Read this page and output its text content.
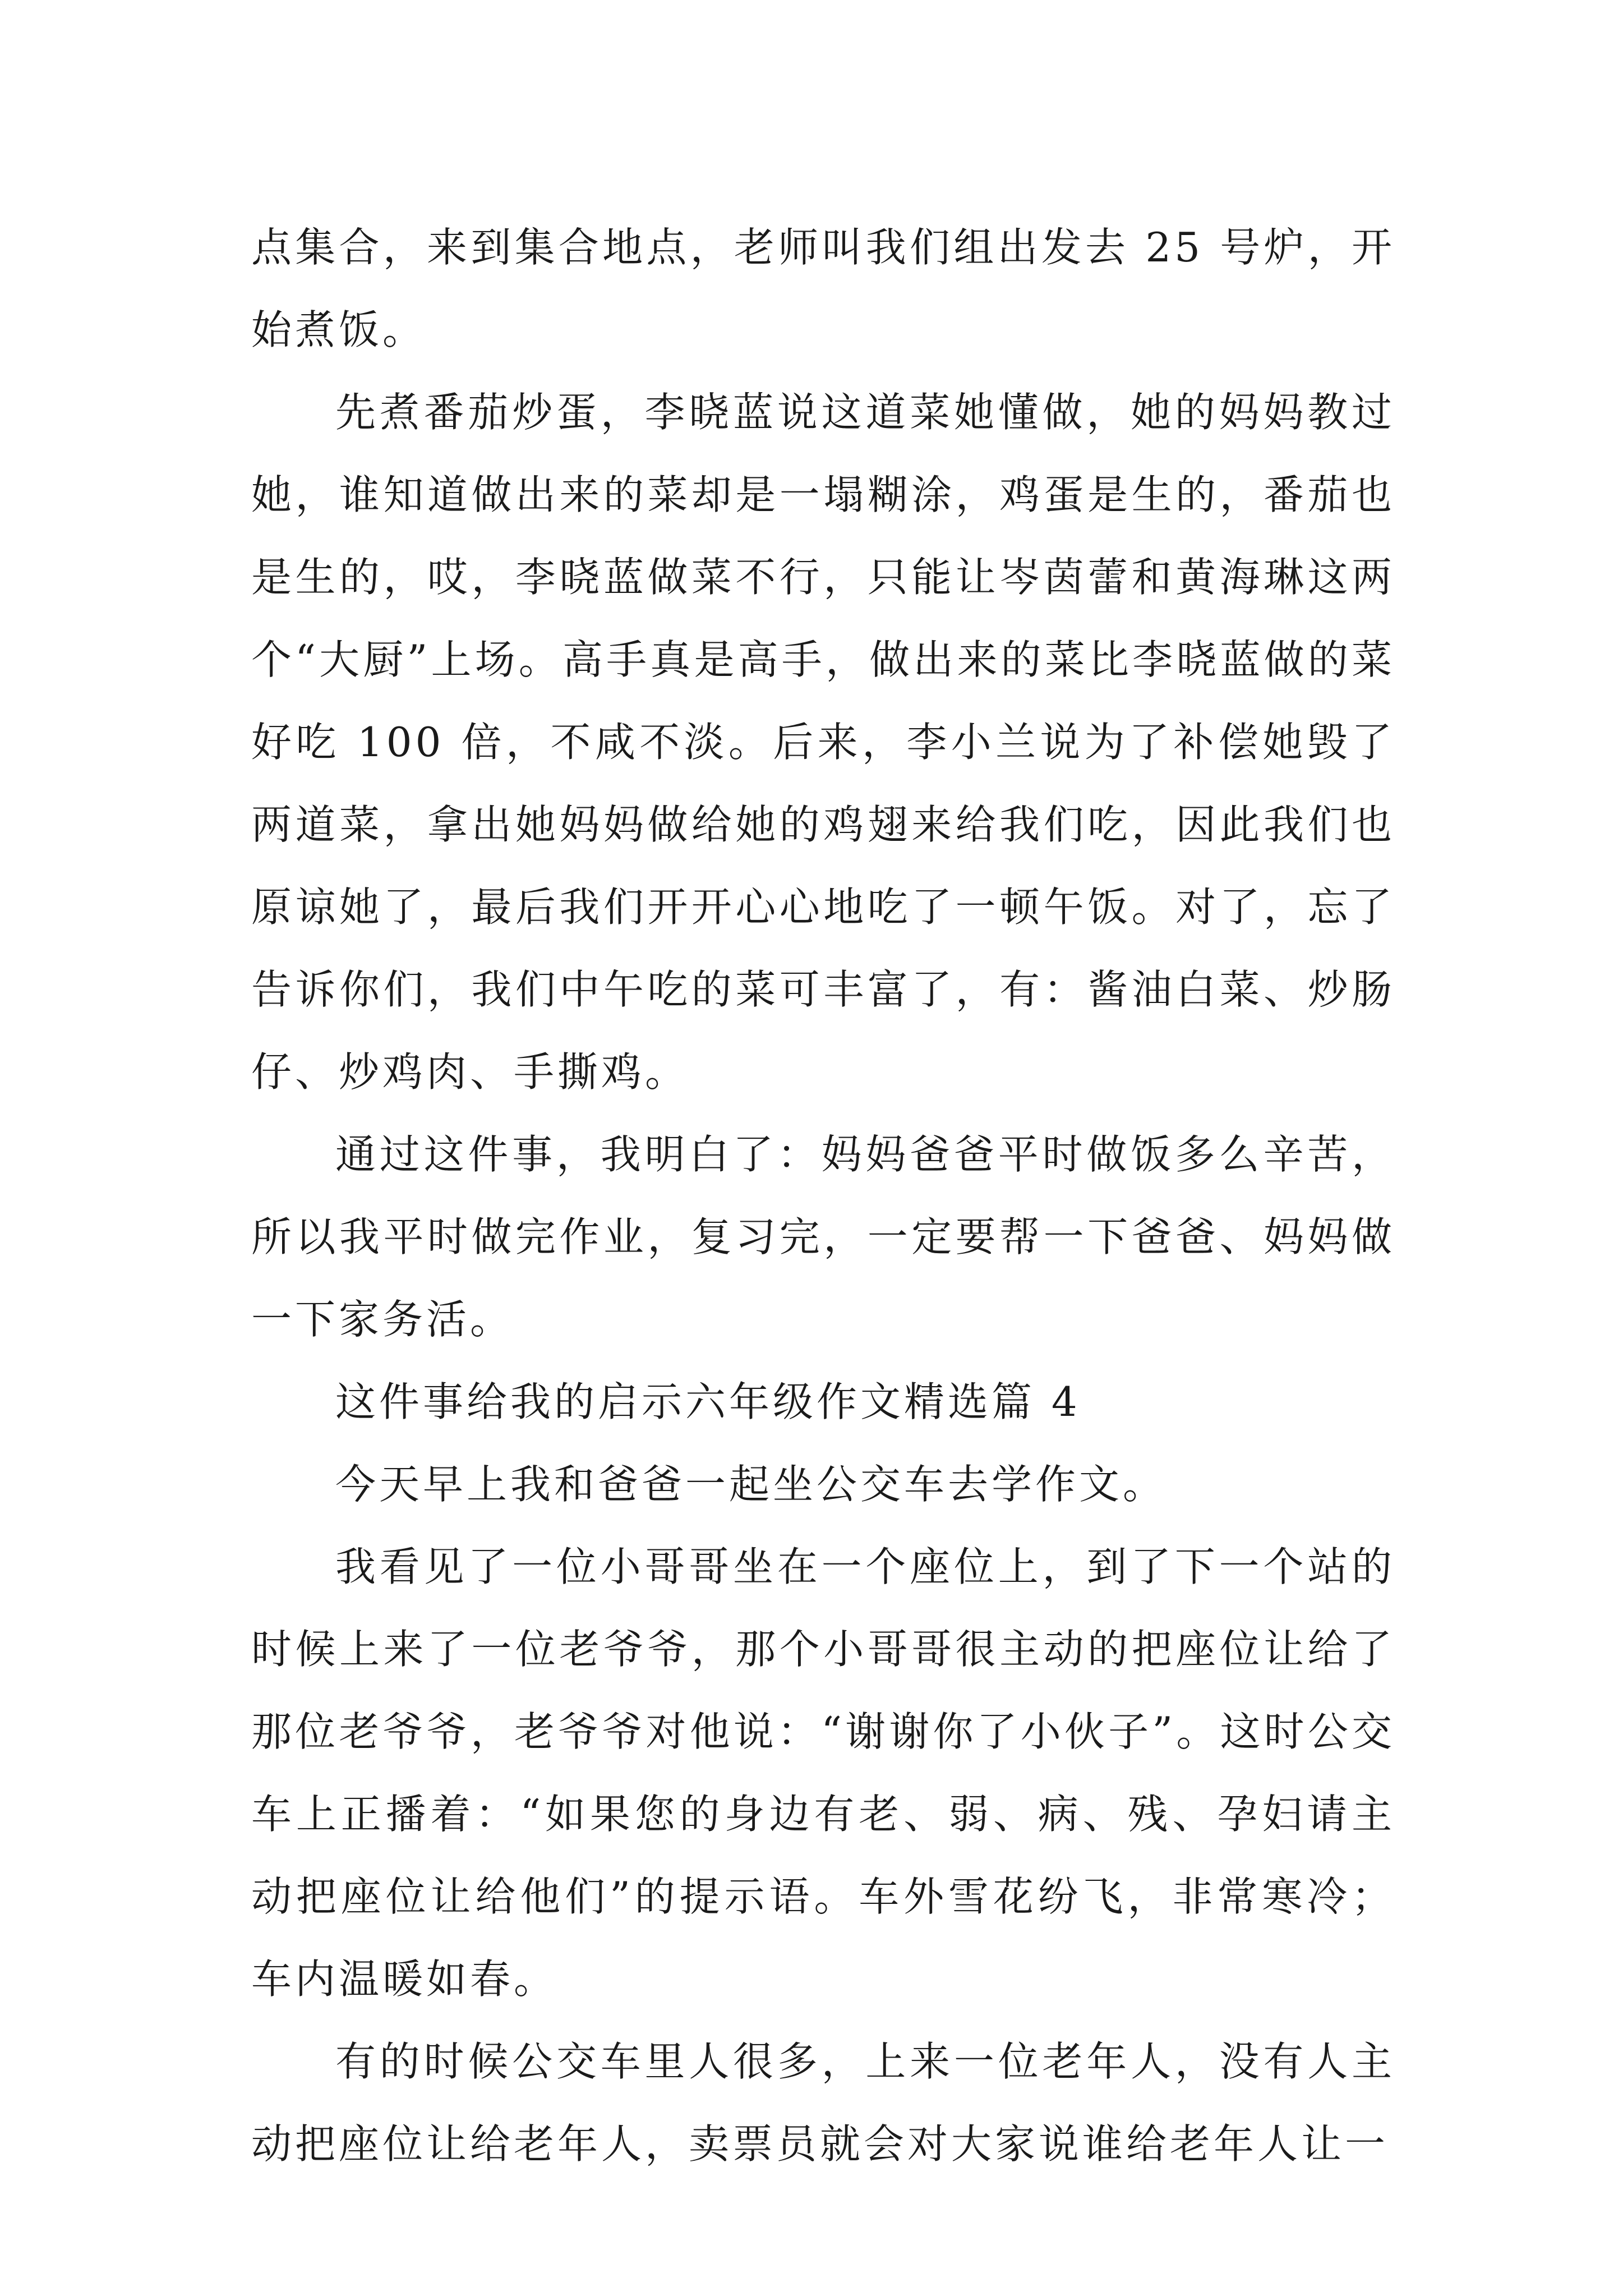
点集合，来到集合地点，老师叫我们组出发去 25 号炉，开始煮饭。

先煮番茄炒蛋，李晓蓝说这道菜她懂做，她的妈妈教过她，谁知道做出来的菜却是一塌糊涂，鸡蛋是生的，番茄也是生的，哎，李晓蓝做菜不行，只能让岑茵蕾和黄海琳这两个“大厨”上场。高手真是高手，做出来的菜比李晓蓝做的菜好吃 100 倍，不咸不淡。后来，李小兰说为了补偿她毁了两道菜，拿出她妈妈做给她的鸡翅来给我们吃，因此我们也原谅她了，最后我们开开心心地吃了一顿午饭。对了，忘了告诉你们，我们中午吃的菜可丰富了，有：酱油白菜、炒肠仔、炒鸡肉、手撕鸡。

通过这件事，我明白了：妈妈爸爸平时做饭多么辛苦，所以我平时做完作业，复习完，一定要帮一下爸爸、妈妈做一下家务活。

这件事给我的启示六年级作文精选篇 4

今天早上我和爸爸一起坐公交车去学作文。

我看见了一位小哥哥坐在一个座位上，到了下一个站的时候上来了一位老爷爷，那个小哥哥很主动的把座位让给了那位老爷爷，老爷爷对他说：“谢谢你了小伙子”。这时公交车上正播着：“如果您的身边有老、弱、病、残、孕妇请主动把座位让给他们”的提示语。车外雪花纷飞，非常寒冷；车内温暖如春。

有的时候公交车里人很多，上来一位老年人，没有人主动把座位让给老年人，卖票员就会对大家说谁给老年人让一
